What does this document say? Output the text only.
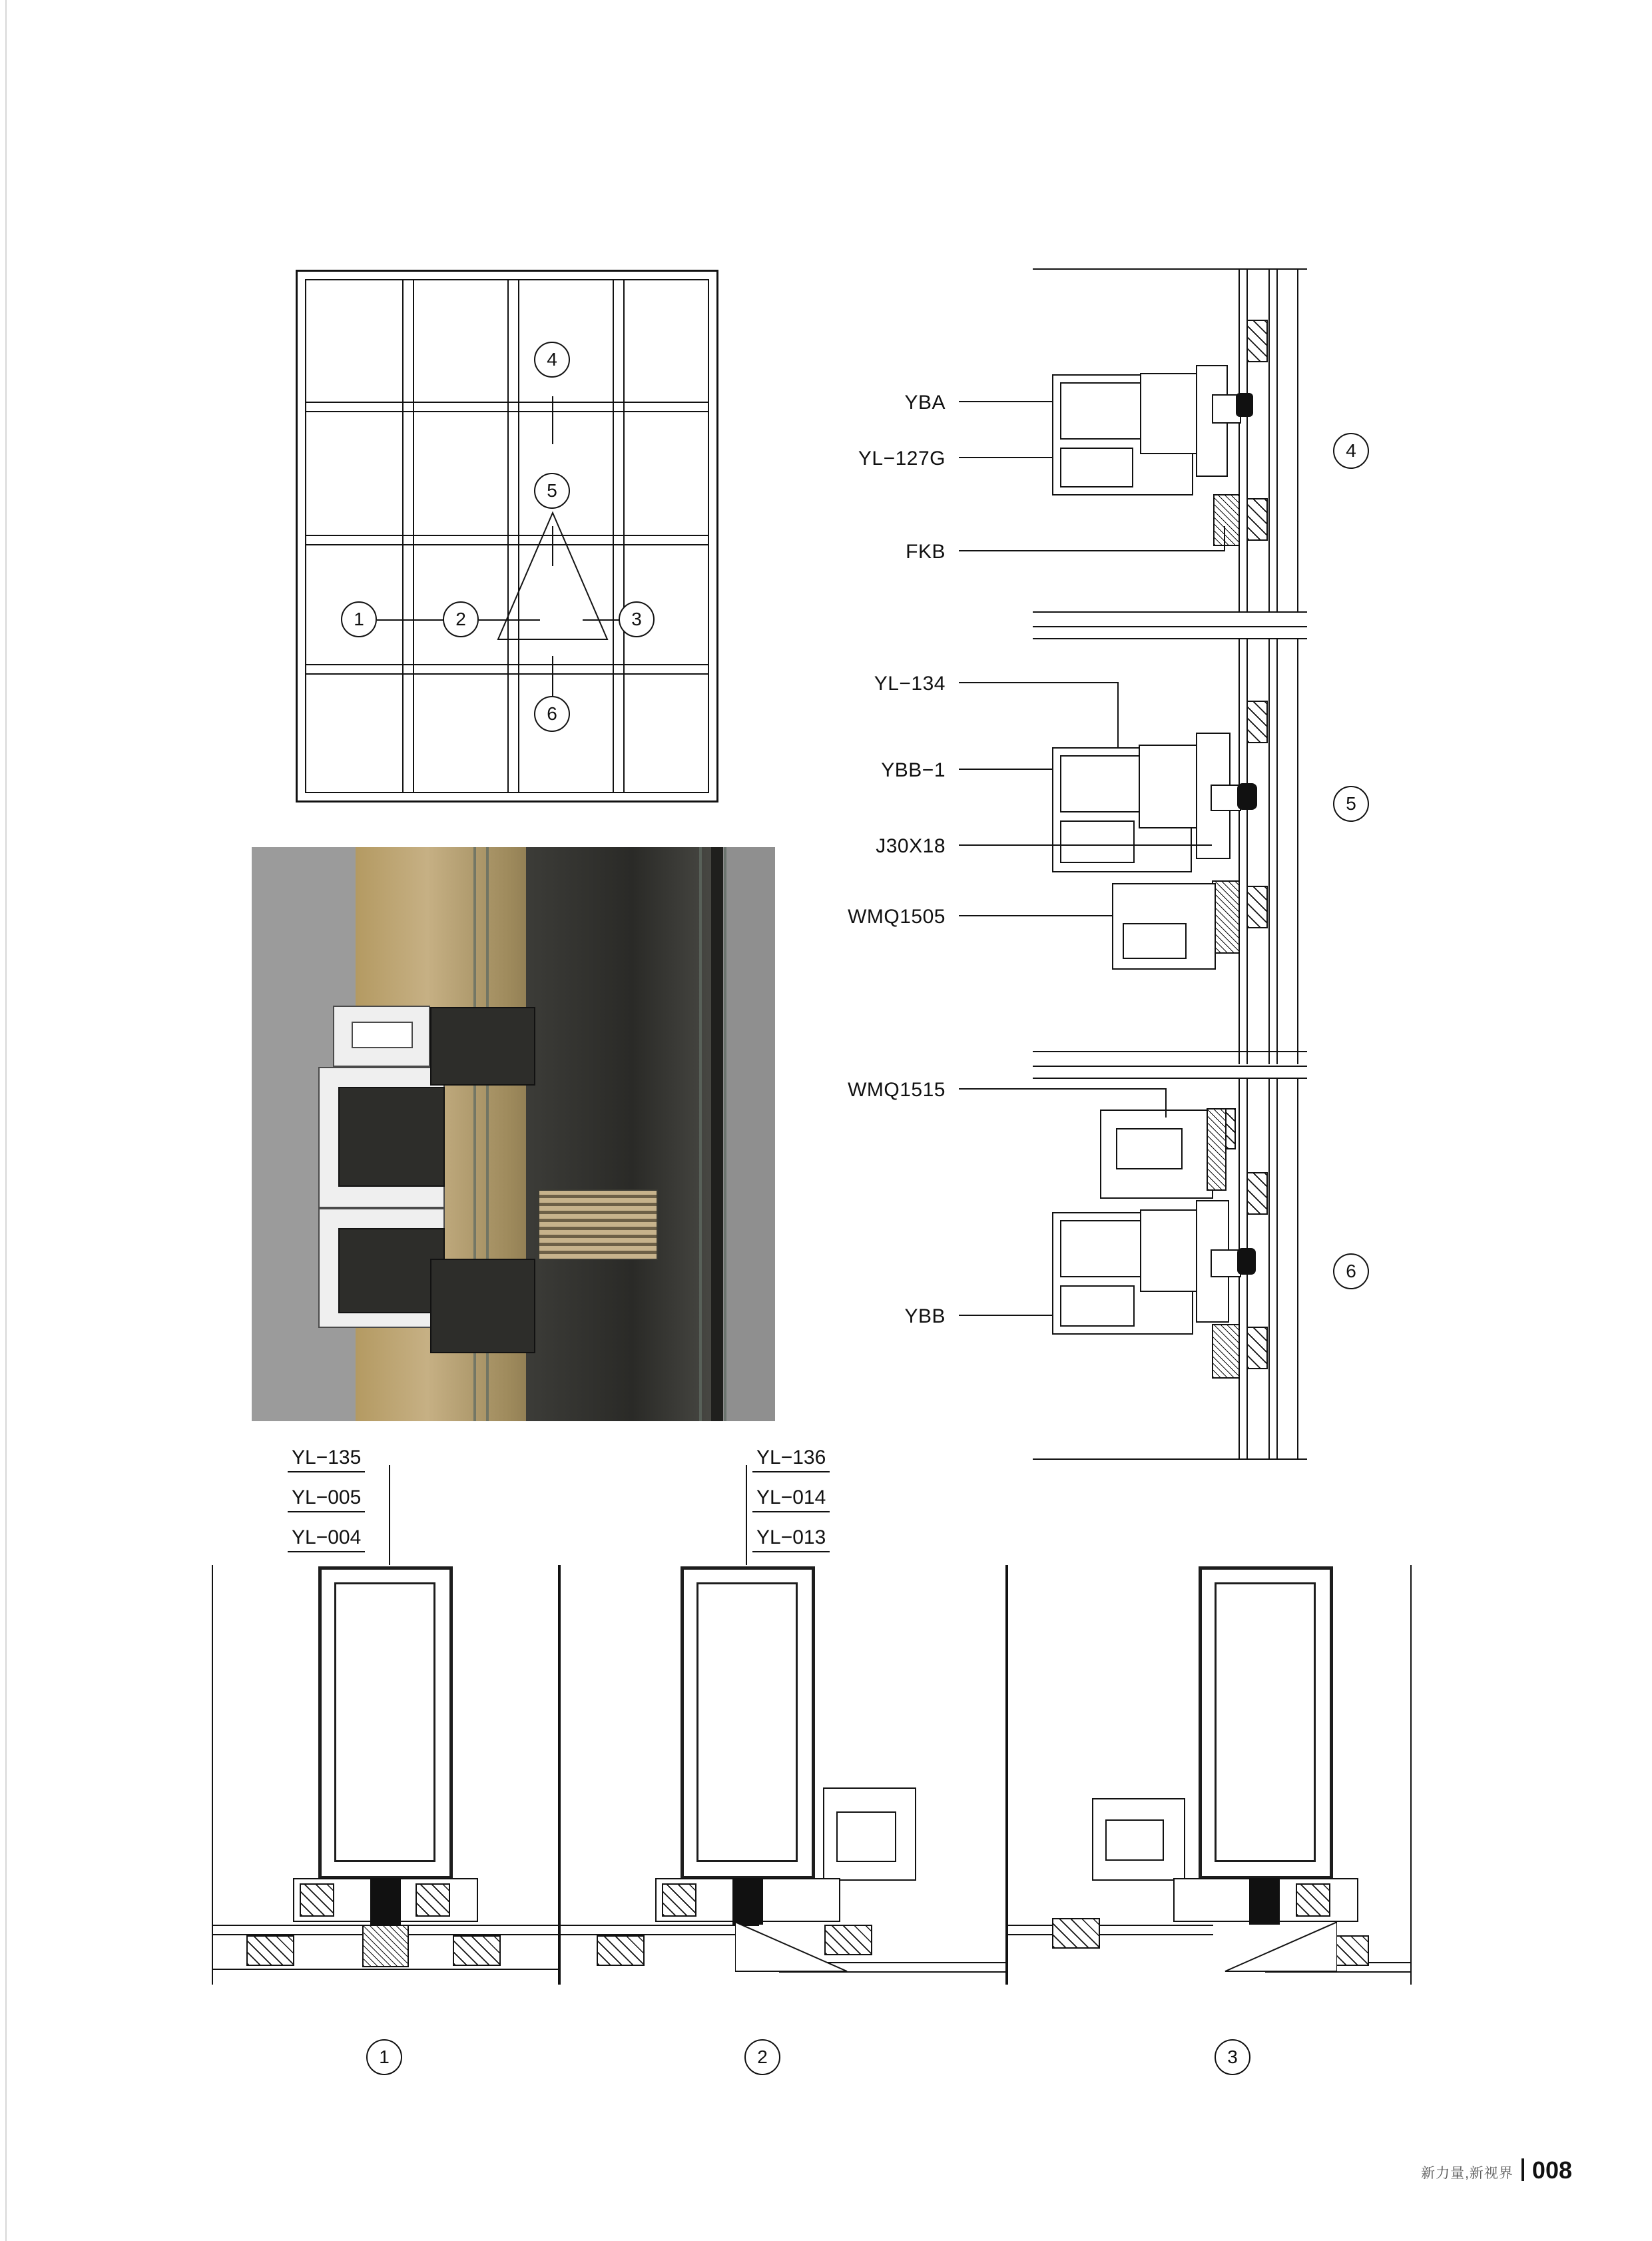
4
5
6
1	2	3
YBA
YL−127G
FKB
4
YL−134
YBB−1
J30X18
WMQ1505
5
WMQ1515
YBB
6
YL−135
YL−005
YL−004
YL−136
YL−014
YL−013
1	2	3
新力量,新视界 008
